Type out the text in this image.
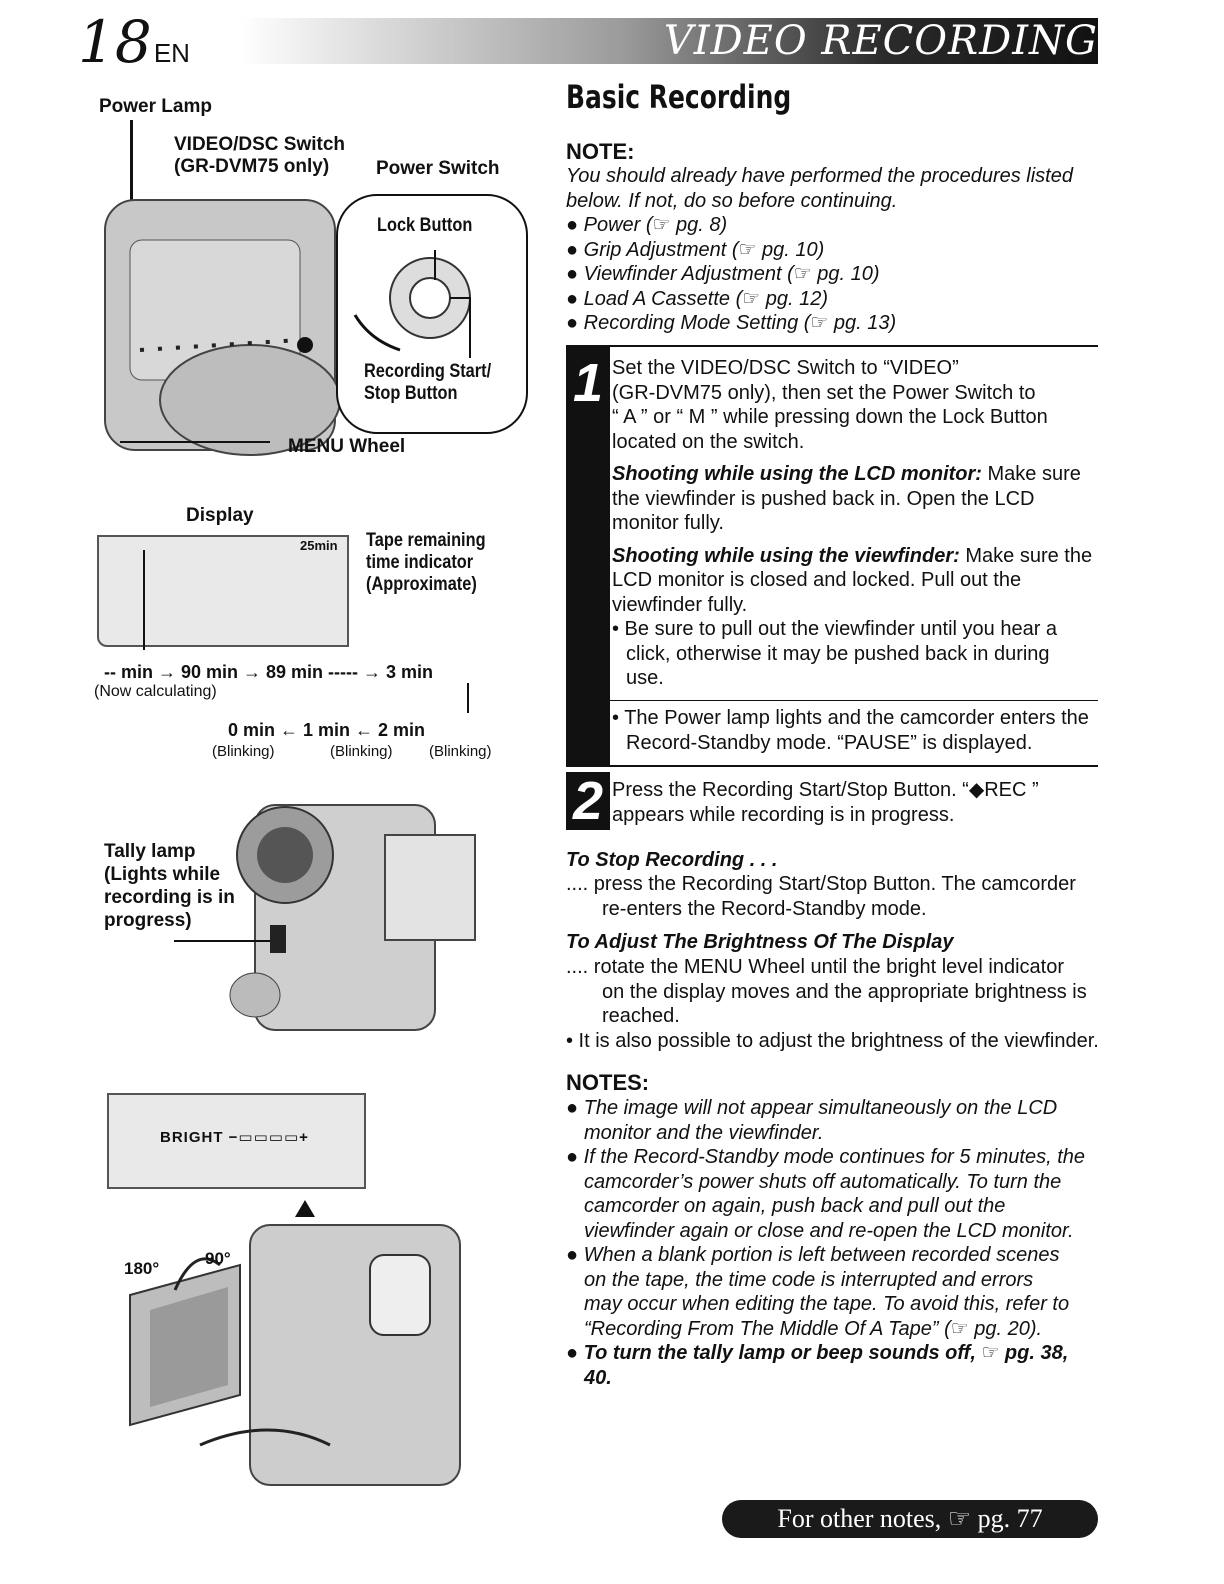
18EN	VIDEO RECORDING
Power Lamp
VIDEO/DSC Switch
(GR-DVM75 only)	Power Switch
Lock Button
Recording Start/
Stop Button
MENU Wheel
Display
25min Tape remaining
time indicator
(Approximate)
-- min → 90 min → 89 min ----- → 3 min
(Now calculating)
0 min ← 1 min ← 2 min
(Blinking)	(Blinking) (Blinking)
Tally lamp
(Lights while
recording is in
progress)
BRIGHT −▭▭▭▭+
180°
90°
Basic Recording
NOTE:
You should already have performed the procedures listed
below. If not, do so before continuing.
● Power (☞ pg. 8)
● Grip Adjustment (☞ pg. 10)
● Viewfinder Adjustment (☞ pg. 10)
● Load A Cassette (☞ pg. 12)
● Recording Mode Setting (☞ pg. 13)
1 Set the VIDEO/DSC Switch to “VIDEO”
(GR-DVM75 only), then set the Power Switch to
“ A ” or “ M ” while pressing down the Lock Button
located on the switch.
Shooting while using the LCD monitor: Make sure
the viewfinder is pushed back in. Open the LCD
monitor fully.
Shooting while using the viewfinder: Make sure the
LCD monitor is closed and locked. Pull out the
viewfinder fully.
• Be sure to pull out the viewfinder until you hear a
click, otherwise it may be pushed back in during
use.
• The Power lamp lights and the camcorder enters the
Record-Standby mode. “PAUSE” is displayed.
2 Press the Recording Start/Stop Button. “◆REC ”
appears while recording is in progress.
To Stop Recording . . .
.... press the Recording Start/Stop Button. The camcorder
re-enters the Record-Standby mode.
To Adjust The Brightness Of The Display
.... rotate the MENU Wheel until the bright level indicator
on the display moves and the appropriate brightness is
reached.
• It is also possible to adjust the brightness of the viewfinder.
NOTES:
● The image will not appear simultaneously on the LCD
monitor and the viewfinder.
● If the Record-Standby mode continues for 5 minutes, the
camcorder’s power shuts off automatically. To turn the
camcorder on again, push back and pull out the
viewfinder again or close and re-open the LCD monitor.
● When a blank portion is left between recorded scenes
on the tape, the time code is interrupted and errors
may occur when editing the tape. To avoid this, refer to
“Recording From The Middle Of A Tape” (☞ pg. 20).
● To turn the tally lamp or beep sounds off, ☞ pg. 38,
40.
For other notes, ☞ pg. 77
